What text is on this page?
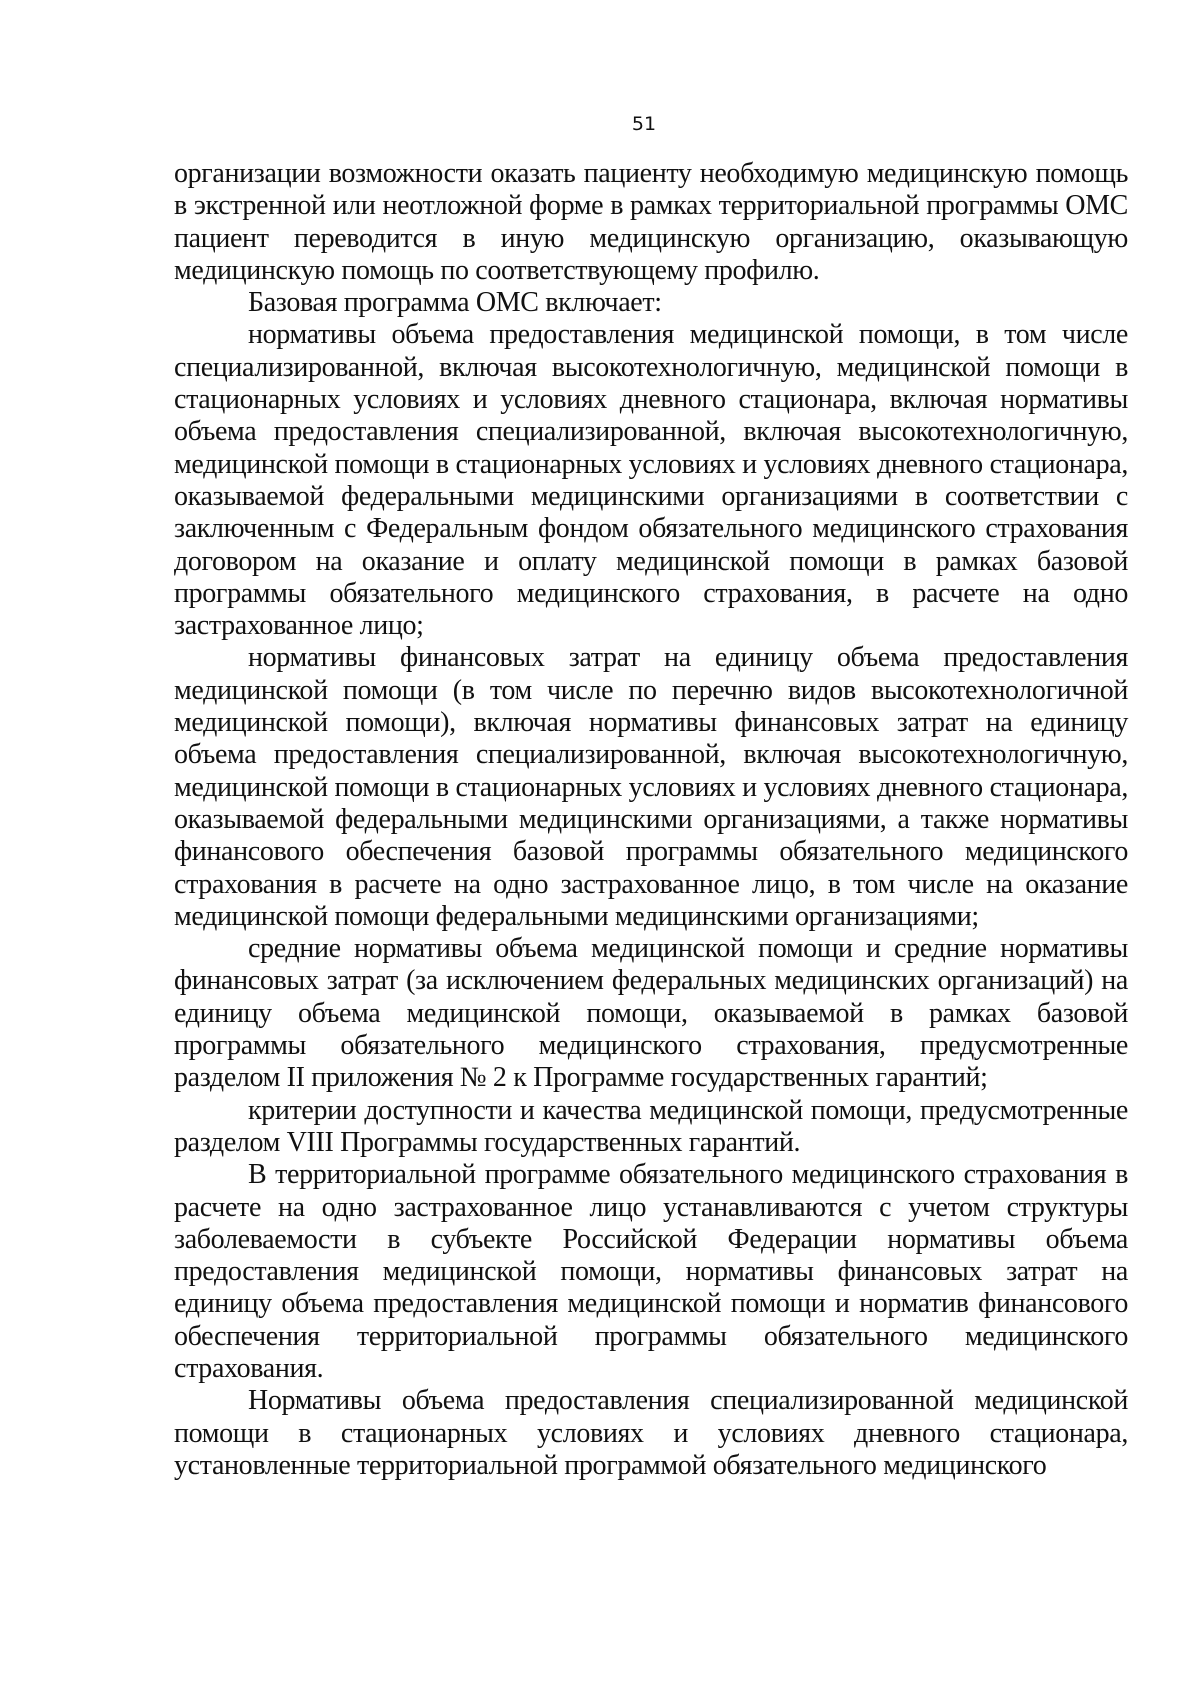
51

организации возможности оказать пациенту необходимую медицинскую помощь в экстренной или неотложной форме в рамках территориальной программы ОМС пациент переводится в иную медицинскую организацию, оказывающую медицинскую помощь по соответствующему профилю.

Базовая программа ОМС включает:

нормативы объема предоставления медицинской помощи, в том числе специализированной, включая высокотехнологичную, медицинской помощи в стационарных условиях и условиях дневного стационара, включая нормативы объема предоставления специализированной, включая высокотехнологичную, медицинской помощи в стационарных условиях и условиях дневного стационара, оказываемой федеральными медицинскими организациями в соответствии с заключенным с Федеральным фондом обязательного медицинского страхования договором на оказание и оплату медицинской помощи в рамках базовой программы обязательного медицинского страхования, в расчете на одно застрахованное лицо;

нормативы финансовых затрат на единицу объема предоставления медицинской помощи (в том числе по перечню видов высокотехнологичной медицинской помощи), включая нормативы финансовых затрат на единицу объема предоставления специализированной, включая высокотехнологичную, медицинской помощи в стационарных условиях и условиях дневного стационара, оказываемой федеральными медицинскими организациями, а также нормативы финансового обеспечения базовой программы обязательного медицинского страхования в расчете на одно застрахованное лицо, в том числе на оказание медицинской помощи федеральными медицинскими организациями;

средние нормативы объема медицинской помощи и средние нормативы финансовых затрат (за исключением федеральных медицинских организаций) на единицу объема медицинской помощи, оказываемой в рамках базовой программы обязательного медицинского страхования, предусмотренные разделом II приложения № 2 к Программе государственных гарантий;

критерии доступности и качества медицинской помощи, предусмотренные разделом VIII Программы государственных гарантий.

В территориальной программе обязательного медицинского страхования в расчете на одно застрахованное лицо устанавливаются с учетом структуры заболеваемости в субъекте Российской Федерации нормативы объема предоставления медицинской помощи, нормативы финансовых затрат на единицу объема предоставления медицинской помощи и норматив финансового обеспечения территориальной программы обязательного медицинского страхования.

Нормативы объема предоставления специализированной медицинской помощи в стационарных условиях и условиях дневного стационара, установленные территориальной программой обязательного медицинского
